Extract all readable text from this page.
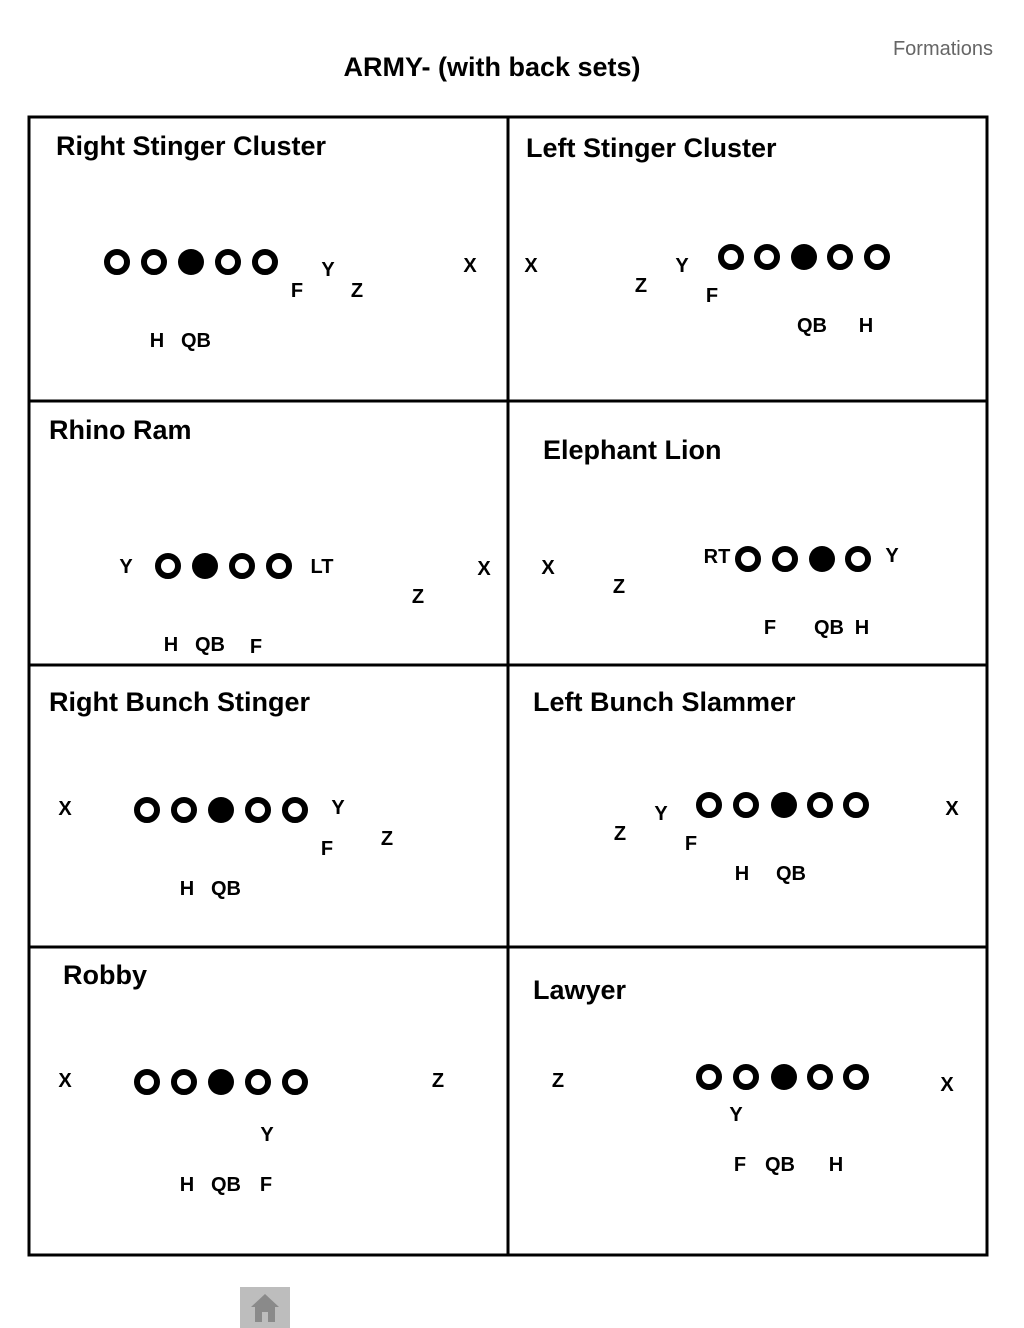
Formations
ARMY- (with back sets)
Right Stinger Cluster
F
Y
Z
X
H QB
Left Stinger Cluster
X
Z
Y
F
QB H
Rhino Ram
Y	LT	X
Z
H QB F
Elephant Lion
X
Z
RT	Y
F QB H
Right Bunch Stinger
X	Y
F Z
H QB
Left Bunch Slammer
Z
Y
F
X
H QB
Robby
X	Z
Y
H QB F
Lawyer
Z	X
Y
F QB H
